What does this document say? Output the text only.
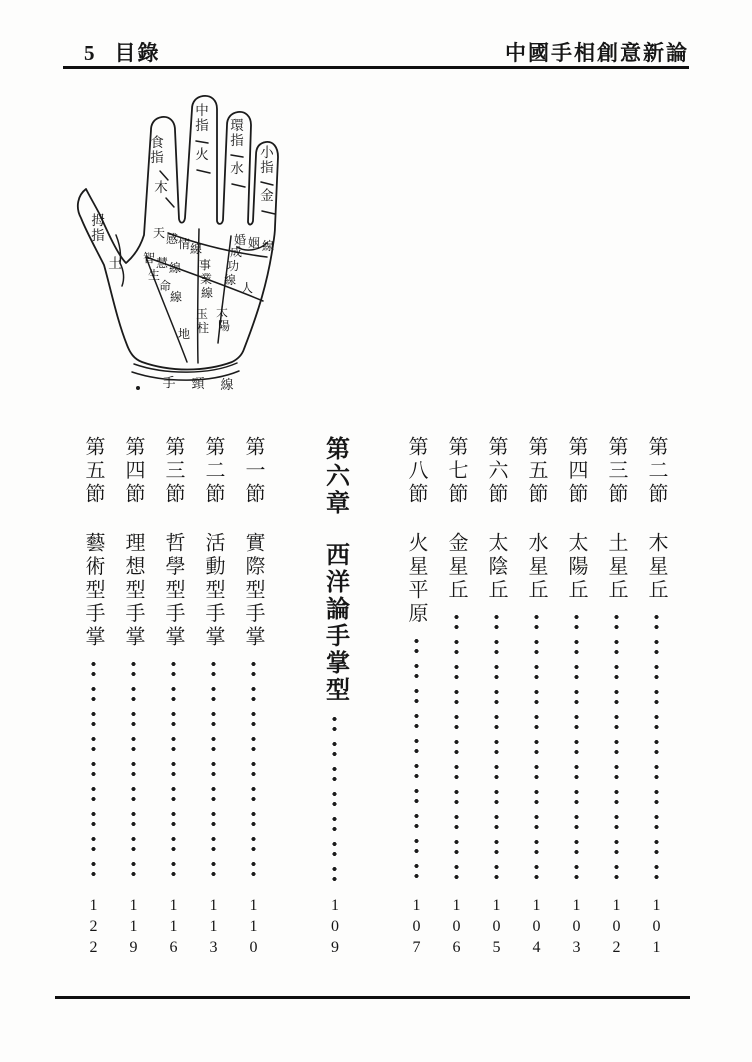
5 目錄	中國手相創意新論
食指
木
中指
火
環指
水
小指
金
拇指
土
天 感情線
婚 姻 線
智慧線
成功線
人
事業線
玉柱
太陽
生命線
地
手 頸 線
第二節
木星丘
101
第三節
土星丘
102
第四節
太陽丘
103
第五節
水星丘
104
第六節
太陰丘
105
第七節
金星丘
106
第八節
火星平原
107
第六章
西洋論手掌型
109
第一節
實際型手掌
110
第二節
活動型手掌
113
第三節
哲學型手掌
116
第四節
理想型手掌
119
第五節
藝術型手掌
122
